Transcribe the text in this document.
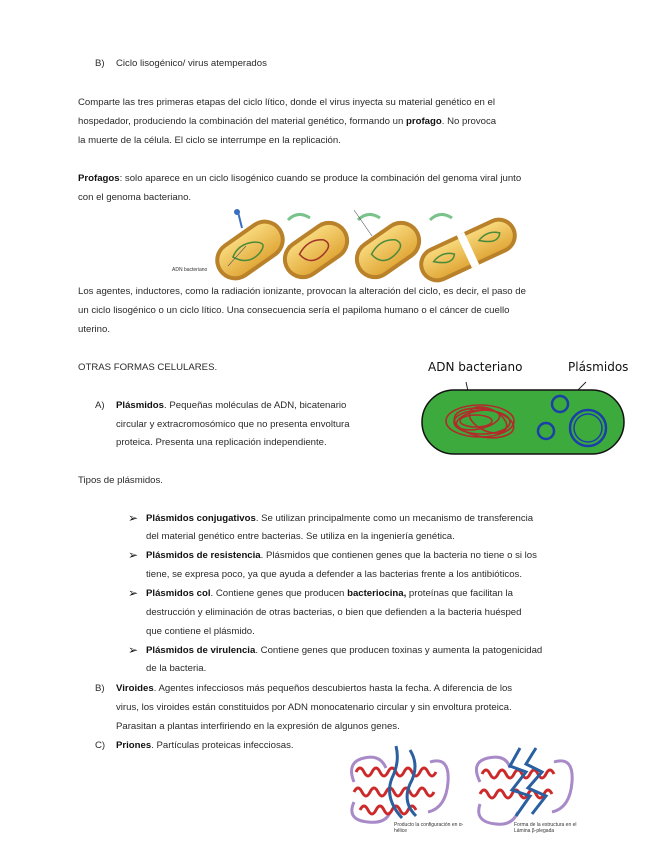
B) Ciclo lisogénico/ virus atemperados
Comparte las tres primeras etapas del ciclo lítico, donde el virus inyecta su material genético en el
hospedador, produciendo la combinación del material genético, formando un profago. No provoca
la muerte de la célula. El ciclo se interrumpe en la replicación.
Profagos: solo aparece en un ciclo lisogénico cuando se produce la combinación del genoma viral junto
con el genoma bacteriano.
ADN bacteriano
Los agentes, inductores, como la radiación ionizante, provocan la alteración del ciclo, es decir, el paso de
un ciclo lisogénico o un ciclo lítico. Una consecuencia sería el papiloma humano o el cáncer de cuello
uterino.
OTRAS FORMAS CELULARES.	ADN bacteriano	Plásmidos
A) Plásmidos. Pequeñas moléculas de ADN, bicatenario
circular y extracromosómico que no presenta envoltura
proteica. Presenta una replicación independiente.
Tipos de plásmidos.
➢ Plásmidos conjugativos. Se utilizan principalmente como un mecanismo de transferencia
del material genético entre bacterias. Se utiliza en la ingeniería genética.
➢ Plásmidos de resistencia. Plásmidos que contienen genes que la bacteria no tiene o si los
tiene, se expresa poco, ya que ayuda a defender a las bacterias frente a los antibióticos.
➢ Plásmidos col. Contiene genes que producen bacteriocina, proteínas que facilitan la
destrucción y eliminación de otras bacterias, o bien que defienden a la bacteria huésped
que contiene el plásmido.
➢ Plásmidos de virulencia. Contiene genes que producen toxinas y aumenta la patogenicidad
de la bacteria.
B) Viroides. Agentes infecciosos más pequeños descubiertos hasta la fecha. A diferencia de los
virus, los viroides están constituidos por ADN monocatenario circular y sin envoltura proteica.
Parasitan a plantas interfiriendo en la expresión de algunos genes.
C) Priones. Partículas proteicas infecciosas.
Producto la configuración en α-hélice
Forma de la estructura en el Lámina β-plegada
